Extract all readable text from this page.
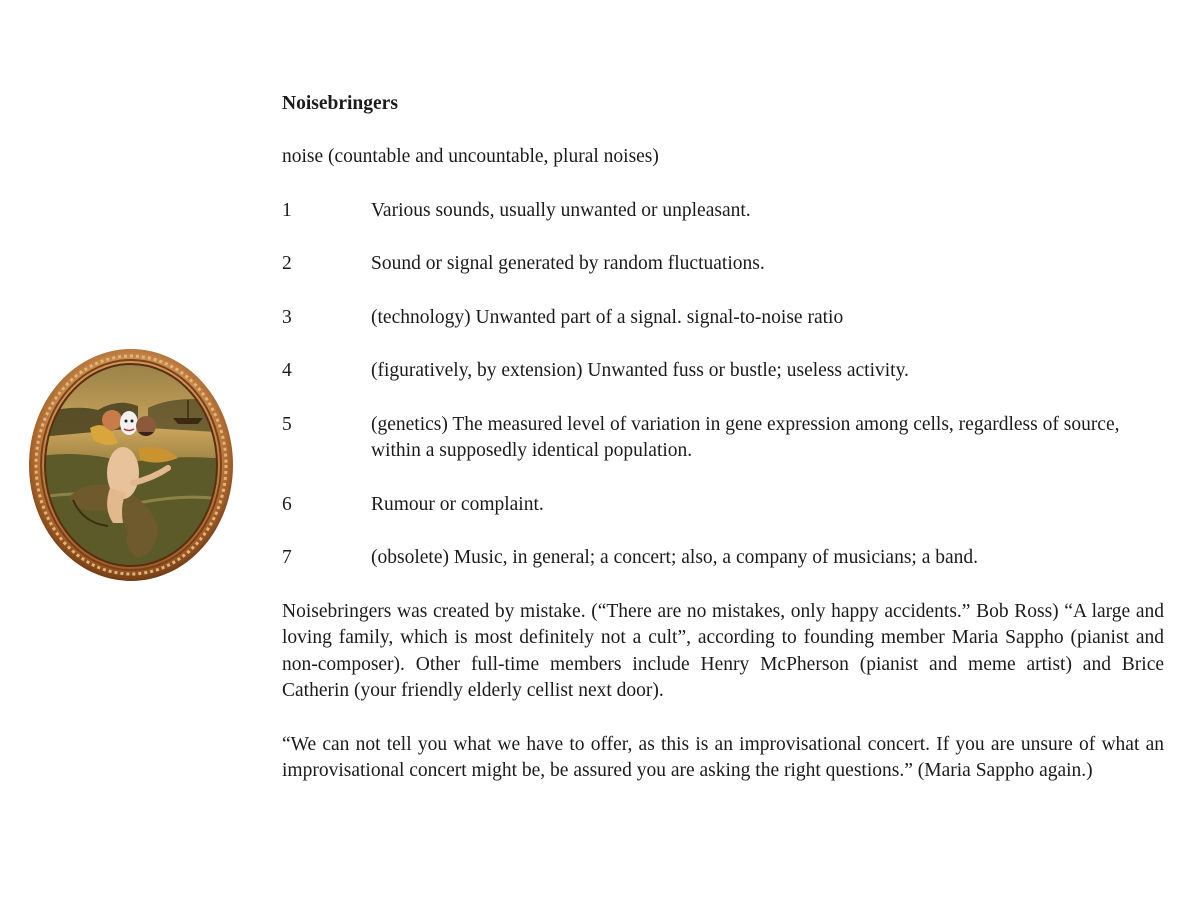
Noisebringers

noise (countable and uncountable, plural noises)

1	Various sounds, usually unwanted or unpleasant.
2	Sound or signal generated by random fluctuations.
3	(technology) Unwanted part of a signal. signal-to-noise ratio
4	(figuratively, by extension) Unwanted fuss or bustle; useless activity.
5	(genetics) The measured level of variation in gene expression among cells, regardless of source, within a supposedly identical population.
6	Rumour or complaint.
7	(obsolete) Music, in general; a concert; also, a company of musicians; a band.

Noisebringers was created by mistake. (“There are no mistakes, only happy accidents.” Bob Ross) “A large and loving family, which is most definitely not a cult”, according to founding member Maria Sappho (pianist and non-composer). Other full-time members include Henry McPherson (pianist and meme artist) and Brice Catherin (your friendly elderly cellist next door).

“We can not tell you what we have to offer, as this is an improvisational concert. If you are unsure of what an improvisational concert might be, be assured you are asking the right questions.” (Maria Sappho again.)
